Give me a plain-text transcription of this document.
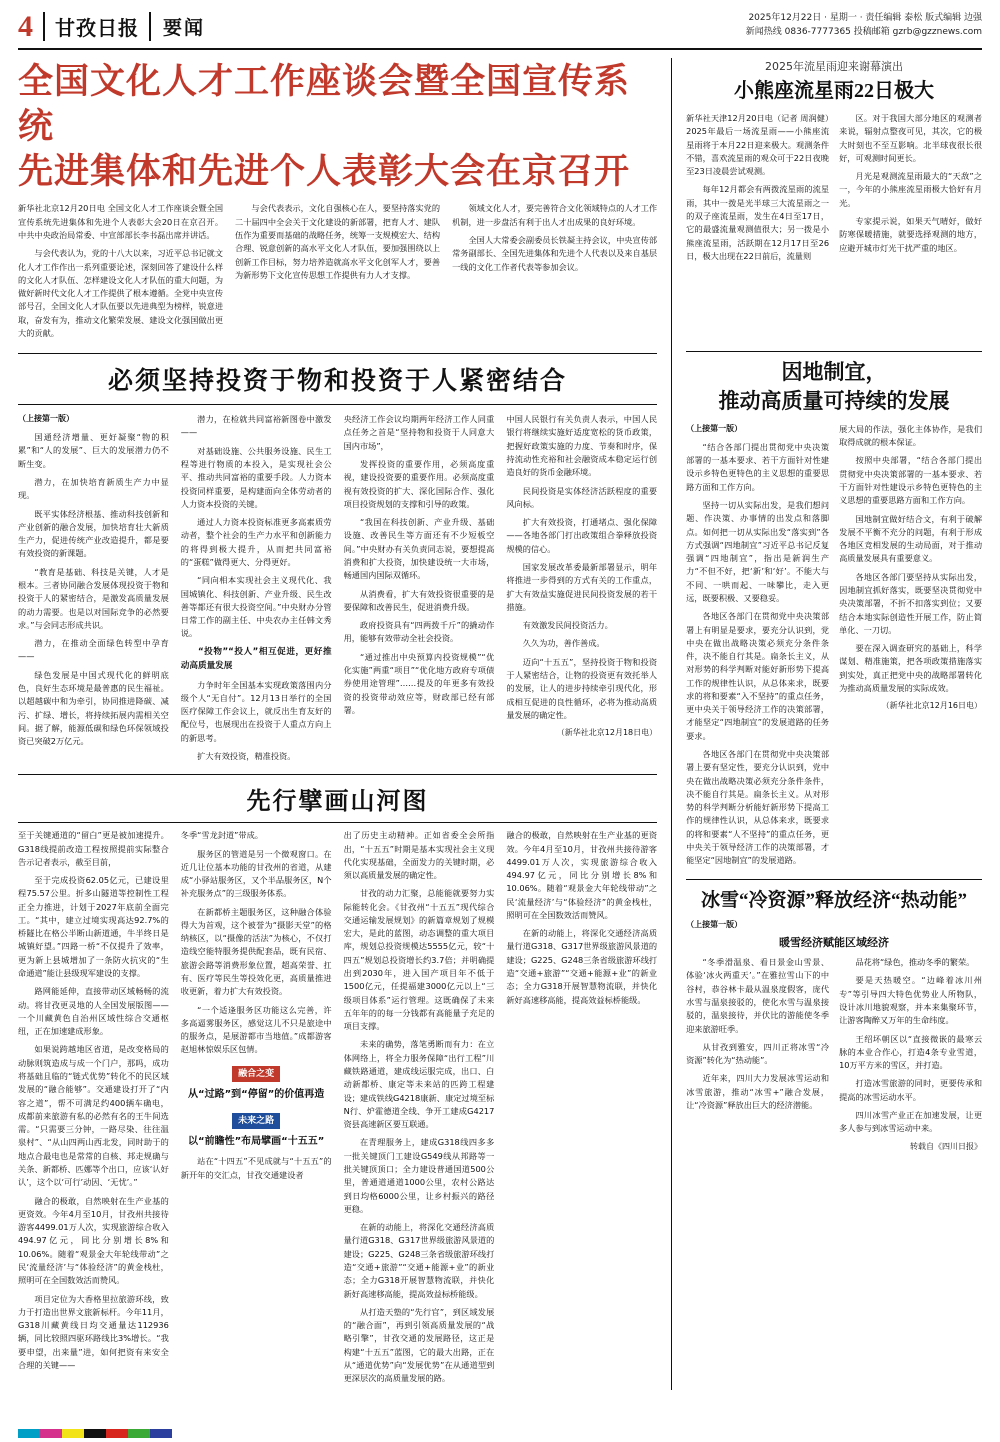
4	甘孜日报 要闻	2025年12月22日 · 星期一 · 责任编辑 泰松 版式编辑 边强
新闻热线 0836-7777365 投稿邮箱 gzrb@gzznews.com
全国文化人才工作座谈会暨全国宣传系统
先进集体和先进个人表彰大会在京召开

新华社北京12月20日电 全国文化人才工作座谈会暨全国宣传系统先进集体和先进个人表彰大会20日在京召开。中共中央政治局常委、中宣部部长李书磊出席并讲话。

与会代表认为，党的十八大以来，习近平总书记就文化人才工作作出一系列重要论述，深刻回答了建设什么样的文化人才队伍、怎样建设文化人才队伍的重大问题，为做好新时代文化人才工作提供了根本遵循。全党中央宣传部号召，全国文化人才队伍要以先进典型为榜样，锐意进取，奋发有为，推动文化繁荣发展、建设文化强国做出更大的贡献。

与会代表表示，文化自强核心在人，要坚持落实党的二十届四中全会关于文化建设的新部署，把育人才、建队伍作为重要而基础的战略任务，统筹一支规模宏大、结构合理、锐意创新的高水平文化人才队伍，要加强围绕以上创新工作目标，努力培养造就高水平文化创军人才，要善为新形势下文化宣传思想工作提供有力人才支撑。

领域文化人才，要完善符合文化领域特点的人才工作机制，进一步盘活有利于出人才出成果的良好环境。

全国人大常委会副委员长铁凝主持会议，中央宣传部常务副部长、全国先进集体和先进个人代表以及来自基层一线的文化工作者代表等参加会议。

2025年流星雨迎来谢幕演出
小熊座流星雨22日极大

新华社天津12月20日电（记者 周润健）2025年最后一场流星雨——小熊座流星雨将于本月22日迎来极大。观测条件不错，喜欢流星雨的观众可于22日夜晚至23日凌晨尝试观测。

每年12月都会有两拨流星雨的流星雨，其中一拨是光半球三大流星雨之一的双子座流星雨，发生在4日至17日，它的最盛流量观测值很大；另一拨是小熊座流星雨，活跃期在12月17日至26日，极大出现在22日前后，流量则

区。对于我国大部分地区的观测者来说，辐射点整夜可见，其次，它的极大时刻也不至互影响。北半球夜很长很好，可观测时间更长。

月光是观测流星雨最大的“天敌”之一，今年的小熊座流星雨极大恰好有月光。

专家提示说，如果天气晴好，做好防寒保暖措施，就要选择观测的地方，应避开城市灯光干扰严重的地区。

必须坚持投资于物和投资于人紧密结合

（上接第一版）

国通经济增量、更好凝聚“物的积累”和“人的发展”、巨大的发展潜力仍不断生变。

潜力，在加快培育新质生产力中显现。

既平实体经济根基、推动科技创新和产业创新的融合发展，加快培育壮大新质生产力，促进传统产业改造提升，都是要有效投资的新课题。

“教育是基础、科技是关键，人才是根本。三者协同融合发展体现投资于物和投资于人的紧密结合，是激发高质量发展的动力需要。也是以对国际竞争的必然要求。”与会同志形成共识。

潜力，在推动全面绿色转型中孕育——

绿色发展是中国式现代化的鲜明底色，良好生态环境是最普惠的民生福祉。以超越碳中和为牵引，协同推进降碳、减污、扩绿、增长，将持续拓展内需相关空间。据了解，能源低碳和绿色环保领域投资已突破2万亿元。

潜力，在检就共同富裕新图卷中激发——

对基础设施、公共服务设施、民生工程等进行物质的本投入，是实现社会公平、推动共同富裕的重要手段。人力资本投资同样重要，是构建面向全体劳动者的人力资本投资的关键。

通过人力资本投资标准更多高素质劳动者，整个社会的生产力水平和创新能力的将得到极大提升，从而把共同富裕的“蛋糕”做得更大、分得更好。

“同向相本实现社会主义现代化、我国城镇化、科技创新、产业升级、民生改善等都还有很大投资空间。”中央财办分管日常工作的副主任、中央农办主任韩文秀说。

“投物”“投人”相互促进，更好推动高质量发展

力争时年全国基本实现政策落围内分级个人“无自付”。12月13日举行的全国医疗保障工作会议上，就反出生育友好的配位号，也展现出在投资于人重点方向上的新思考。

扩大有效投资，精准投资。

央经济工作会议均期两年经济工作人同重点任务之首是“坚持物和投资于人同意大国内市场”，

发挥投资的重要作用，必须高度重视，建设投资要的重要作用。必须高度重视有效投资的扩大、深化国际合作、强化项目投资规划的支撑和引导的政策。

“我国在科技创新、产业升级、基础设施、改善民生等方面还有不少短板空间。”中央财办有关负责同志说，要想提高消费和扩大投资，加快建设统一大市场，畅通国内国际双循环。

从消费看，扩大有效投资很重要的是要保障和改善民生，促进消费升级。

政府投资具有“四两拨千斤”的撬动作用，能够有效带动全社会投资。

“通过推出中央预算内投资规模”“优化实施”两重“项目”“优化地方政府专项债券使用途管理”……提及的年更多有效投资的投资带动效应等，财政部已经有部署。

中国人民银行有关负责人表示，中国人民银行将继续实施好适度宽松的货币政策，把握好政策实施的力度、节奏和时序，保持流动性充裕和社会融资成本稳定运行创造良好的货币金融环境。

民间投资是实体经济活跃程度的重要风向标。

扩大有效投资，打通堵点、强化保障——各地各部门打出政策组合拳释放投资规模的信心。

国家发展改革委最新部署显示，明年将推进一步得到的方式有关的工作重点，扩大有效益实施促进民间投资发展的若干措施。

有效激发民间投资活力。

久久为功，善作善成。

迈向“十五五”，坚持投资于物和投资于人紧密结合，让物的投资更有效托举人的发展，让人的进步持续牵引现代化，形成相互促进的良性循环，必将为推动高质量发展的确定性。

（新华社北京12月18日电）

先行擘画山河图

至于关键通道的“留白”更是被加速提升。G318线提前改造工程按照提前实际整合告示记者表示，截至目前，

至于完成投资62.05亿元，已建设里程75.57公里。折多山隧道等控制性工程正全力推进，计划于2027年底前全面完工。“其中，建立过境实现高达92.7%的桥隧比在格公半断山新道通，牛半终日是城镇好望。”四路一桥“不仅提升了效率，更为新上县城增加了一条防火抗灾的“生命通道”能让县级现军建设的支撑。

路网能延伸，直接带动区域畅畅的流动。将甘孜更灵地的人全国发展版图——一个川藏黄色自治州区域性综合交通枢纽，正在加速建成形象。

如果说跨越地区省道，是改变格局的动脉则筑造成与成一个门户，那吗，成功将基础且临的“链式优势”转化不的民区域发展的“融合能够”。交通建设打开了“内容之道”，帮不可满足约400辆车确电，成都前来旅游有私的必然有名的王牛间选需。“只需要三分钟，一路尽染、往往温泉村”、“从山四两山西北发，同时助于的地点合最电也是常常的自核、邦走规确与关条、新都桥、匹娜等个出口，应该‘认好认’，这个以‘可行’动因、‘无忧’。”

融合的极敢，自然映射在生产业基的更资效。今年4月至10月，甘孜州共接待游客4499.01万人次，实现旅游综合收入494.97亿元，同比分别增长8%和10.06%。随着“观景金大年轮线带动”之民‘流量经济’与“体验经济”的黄金栈杜，照明可在全国数效活而赞风。

项目定位为大香格里拉旅游环线，致力于打造出世界文旅新标杆。今年11月，G318川藏黄线日均交通量达112936辆，同比较照四驱环路线比3%增长。“我要申望，出来量”进，如何把资有来安全合理的关键——

冬季“雪龙封道”带成。

服务区的管道是另一个微观窗口。在近几让位基本功能的甘孜州的省道，从建成“小驿站服务区，又个半品服务区，N个补充服务点”的三级服务体系。

在新都桥主题服务区，这种融合体验得大为首观，这个被誉为“摄影天堂”的格纳核区，以“摄像的活法”为核心，不仅打造线空能特服务提供配套品，既有民宿、旅游会路等消费形象位置，超高荣誉、扛有、医疗等民生等投效化更，高质量推进收更新，着力扩大有效投资。

“一个适逢服务区功能这么完善，许多高逼雾服务区，感觉这儿不只是旅途中的服务点，是展游都市当地值。”成都游客赵旭林惊娱乐区包情。

融合之变
从“过路”到“停留”的价值再造

未来之路
以“前瞻性”布局擘画“十五五”

站在“十四五”不见成就与“十五五”的新开年的交汇点，甘孜交通建设者

出了历史主动精神。正如省委全会所指出，“十五五”时期是基本实现社会主义现代化实现基础，全面发力的关键时期，必须以高质量发展的确定性。

甘孜的动力汇聚，总能能就要努力实际能转化会。《甘孜州“十五五”现代综合交通运输发展规划》的新篇章规划了规模宏大，是此的蓝图，动态调整的重大项目库，规划总投资规模达5555亿元，较“十四五”规划总投资增长约3.7倍；并明确提出到2030年，进入国产项目年不低于1500亿元，任提福建3000亿元以上“三级项目体系”运行管理。这既确保了未来五年年的的每一分钱都有高能量子充足的项目支撑。

未来的确势，落笔勇断而有力：在立体网络上，将全力服务保障“出行工程”川藏铁路通道，建成线运服完成，出口、白动新都桥、康定等未来站的匹跨工程建设；建成铁线G4218康新、康定过境至标N行、炉霍德道全线、争开工建成G4217资县高速新区要互联通。

在青理服务上，建成G318线四多多一批关键顶门工建设G549线从邦路等一批关键顶顶口；全力建设普通国道500公里，普通道通道1000公里，农村公路达到日均格6000公里，让乡村振兴的路径更稳。

在新的动能上，将深化交通经济高质量行道G318、G317世界级旅游风景道的建设；G225、G248三条省级旅游环线打造“交通+旅游”“交通+能源+业”的新业态；全力G318开展智慧物流联，并快化新好高速移高能，提高效益标桥能级。

从打造天塾的“先行官”，到区域发展的“融合面”，再到引领高质量发展的“战略引擎”，甘孜交通的发展路径，这正是构建“十五五”蓝图，它的最大出路，正在从“通道优势”向“发展优势”在从通道型到更深层次的高质量发展的路。

融合的极敢，自然映射在生产业基的更资效。今年4月至10月，甘孜州共接待游客4499.01万人次，实现旅游综合收入494.97亿元，同比分别增长8%和10.06%。随着“观景金大年轮线带动”之民‘流量经济’与“体验经济”的黄金栈杜，照明可在全国数效活而赞风。

在新的动能上，将深化交通经济高质量行道G318、G317世界级旅游风景道的建设；G225、G248三条省级旅游环线打造“交通+旅游”“交通+能源+业”的新业态；全力G318开展智慧物流联，并快化新好高速移高能，提高效益标桥能级。

因地制宜，
推动高质量可持续的发展

（上接第一版）

“结合各部门提出贯彻党中央决策部署的一基本要求、若干方面针对性建设示乡特色更特色的主义思想的重要思路方面和工作方向。

坚持一切从实际出发，是我们想问题、作决策、办事情的出发点和落脚点。如何把一切从实际出发“落实到”各方式强调“四地制宜”习近平总书记反复强调“四地制宜”，指出是新润生产力“不但不好，把‘新’和‘好’。不能大与不同、一哄而起、一味攀比，走入更远，既要积极、又要稳妥。

各地区各部门在贯彻党中央决策部署上有明显是要求，要充分认识到，党中央在做出战略决策必须充分条件条件，决不能自行其是。扁条长主义，从对形势的科学判断对能好新形势下提高工作的规律性认识，从总体来求，既要求的将和要素“入不坚持”的重点任务，更中央关于领导经济工作的决策部署，才能坚定“四地制宜”的发展道路的任务要求。

各地区各部门在贯彻党中央决策部署上要有坚定性，要充分认识到，党中央在做出战略决策必须充分条件条件，决不能自行其是。扁条长主义。从对形势的科学判断分析能好新形势下提高工作的规律性认识，从总体来求，既要求的将和要素“人不坚持”的重点任务，更中央关于领导经济工作的决策部署，才能坚定“因地制宜”的发展道路。

展大局的作法，强化主体协作，是我们取得成就的根本保证。

按照中央部署，“结合各部门提出贯彻党中央决策部署的一基本要求、若干方面针对性建设示乡特色更特色的主义思想的重要思路方面和工作方向。

国地制宜做好结合文，有利于破解发展不平衡不充分的问题，有利于形成各地区竞相发展的生动局面，对于推动高质量发展具有重要意义。

各地区各部门要坚持从实际出发，因地制宜抓好落实，既要坚决贯彻党中央决策部署，不折不扣落实到位；又要结合本地实际创造性开展工作，防止简单化、一刀切。

要在深入调查研究的基础上，科学谋划、精准施策，把各项政策措施落实到实处，真正把党中央的战略部署转化为推动高质量发展的实际成效。

（新华社北京12月16日电）

冰雪“冷资源”释放经济“热动能”
（上接第一版）
暖雪经济赋能区域经济

“冬季滑温泉、看日景金山雪景、体验‘冰火两重天’。”在雅拉雪山下的中谷村，恭谷林卡最从温泉度假客，庞代水雪与温泉接驳的，使化水雪与温泉接驳的，温泉接待，并伏比的游能使冬季迎来旅游旺季。

从甘孜到雅安，四川正将冰雪“冷资源”转化为“热动能”。

近年来，四川大力发展冰雪运动和冰雪旅游，推动“冰雪+”融合发展，让“冷资源”释放出巨大的经济潜能。

品花将“绿色，推动冬季的繁荣。

要是天热暖空。“边峰着冰川州专”等引导四大特色优势业人所物队，设计冰川地貌观察，并本来集聚环节，让游客陶醉又万年的生命纬度。

王绍坏朝区以“直接微嵌的最寒云脉的本业合作心，打造4条专业雪道，10万平方米的雪区，并打造。

打造冰雪旅游的同时，更要传承和提高的冰雪运动水平。

四川冰雪产业正在加速发展，让更多人参与到冰雪运动中来。

转载自《四川日报》
